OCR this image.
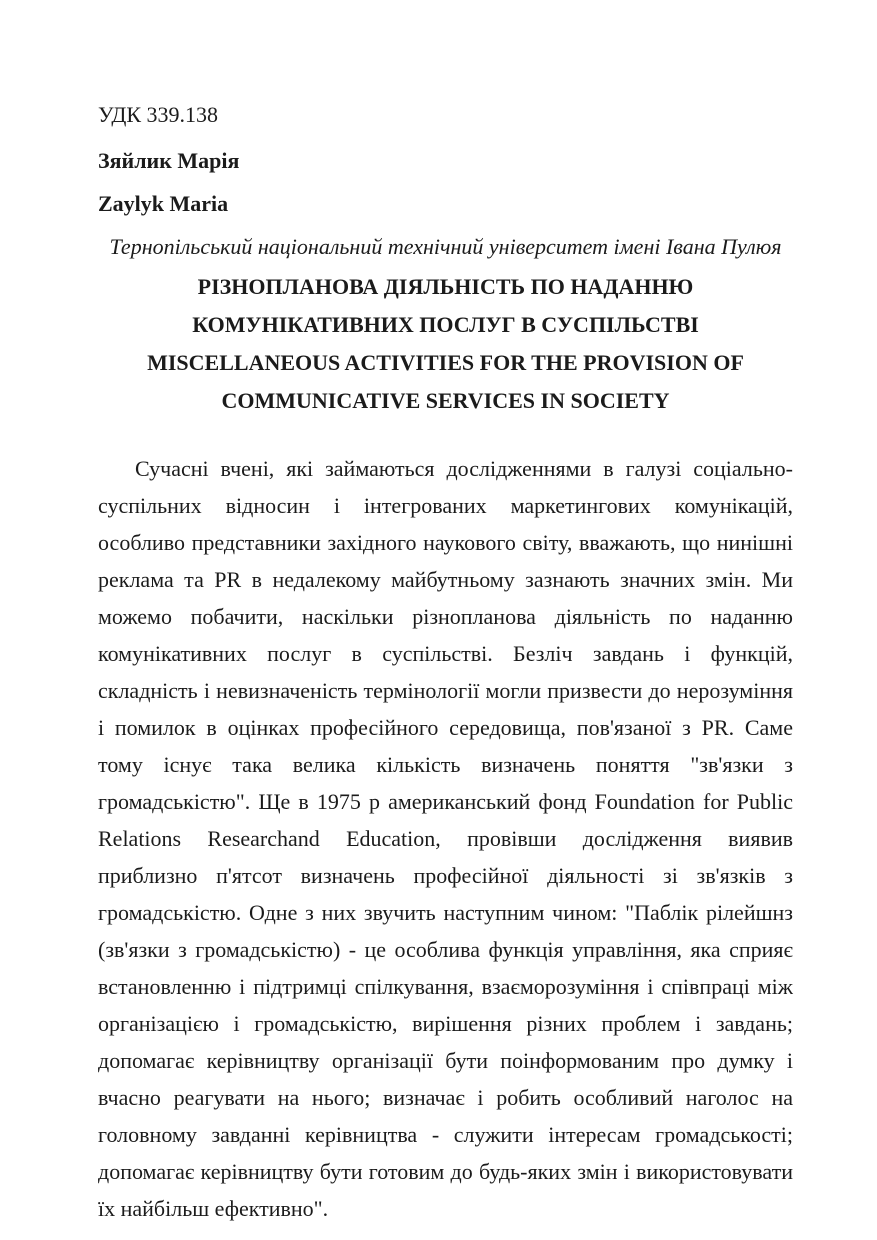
УДК 339.138
Зяйлик Марія
Zaylyk Maria
Тернопільський національний технічний університет імені Івана Пулюя
РІЗНОПЛАНОВА ДІЯЛЬНІСТЬ ПО НАДАННЮ
КОМУНІКАТИВНИХ ПОСЛУГ В СУСПІЛЬСТВІ
MISCELLANEOUS ACTIVITIES FOR THE PROVISION OF
COMMUNICATIVE SERVICES IN SOCIETY

Сучасні вчені, які займаються дослідженнями в галузі соціально-суспільних відносин і інтегрованих маркетингових комунікацій, особливо представники західного наукового світу, вважають, що нинішні реклама та PR в недалекому майбутньому зазнають значних змін. Ми можемо побачити, наскільки різнопланова діяльність по наданню комунікативних послуг в суспільстві. Безліч завдань і функцій, складність і невизначеність термінології могли призвести до нерозуміння і помилок в оцінках професійного середовища, пов'язаної з PR. Саме тому існує така велика кількість визначень поняття "зв'язки з громадськістю". Ще в 1975 р американський фонд Foundation for Public Relations Researchand Education, провівши дослідження виявив приблизно п'ятсот визначень професійної діяльності зі зв'язків з громадськістю. Одне з них звучить наступним чином: "Паблік рілейшнз (зв'язки з громадськістю) - це особлива функція управління, яка сприяє встановленню і підтримці спілкування, взаєморозуміння і співпраці між організацією і громадськістю, вирішення різних проблем і завдань; допомагає керівництву організації бути поінформованим про думку і вчасно реагувати на нього; визначає і робить особливий наголос на головному завданні керівництва - служити інтересам громадськості; допомагає керівництву бути готовим до будь-яких змін і використовувати їх найбільш ефективно".
